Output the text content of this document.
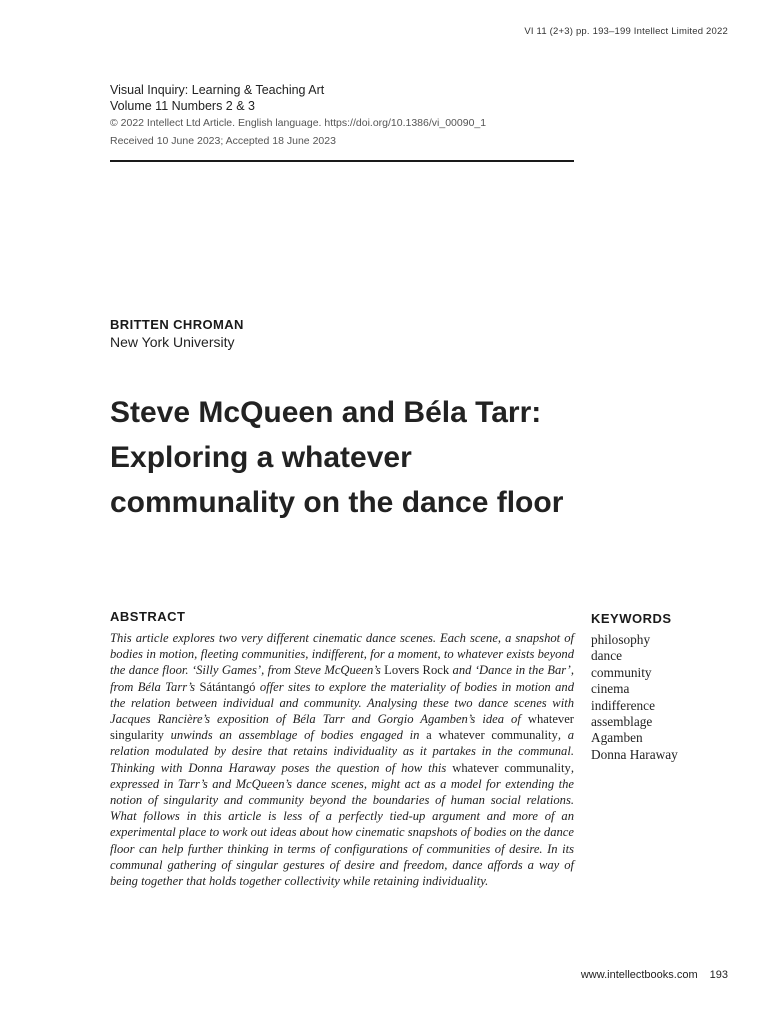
VI 11 (2+3) pp. 193–199 Intellect Limited 2022
Visual Inquiry: Learning & Teaching Art
Volume 11 Numbers 2 & 3
© 2022 Intellect Ltd Article. English language. https://doi.org/10.1386/vi_00090_1
Received 10 June 2023; Accepted 18 June 2023
BRITTEN CHROMAN
New York University
Steve McQueen and Béla Tarr: Exploring a whatever communality on the dance floor
ABSTRACT

This article explores two very different cinematic dance scenes. Each scene, a snapshot of bodies in motion, fleeting communities, indifferent, for a moment, to whatever exists beyond the dance floor. ‘Silly Games’, from Steve McQueen’s Lovers Rock and ‘Dance in the Bar’, from Béla Tarr’s Sátántangó offer sites to explore the materiality of bodies in motion and the relation between individual and community. Analysing these two dance scenes with Jacques Rancière’s exposition of Béla Tarr and Gorgio Agamben’s idea of whatever singularity unwinds an assemblage of bodies engaged in a whatever communality, a relation modulated by desire that retains individuality as it partakes in the communal. Thinking with Donna Haraway poses the question of how this whatever communality, expressed in Tarr’s and McQueen’s dance scenes, might act as a model for extending the notion of singularity and community beyond the boundaries of human social relations. What follows in this article is less of a perfectly tied-up argument and more of an experimental place to work out ideas about how cinematic snapshots of bodies on the dance floor can help further thinking in terms of configurations of communities of desire. In its communal gathering of singular gestures of desire and freedom, dance affords a way of being together that holds together collectivity while retaining individuality.

KEYWORDS
philosophy
dance
community
cinema
indifference
assemblage
Agamben
Donna Haraway
www.intellectbooks.com 193
